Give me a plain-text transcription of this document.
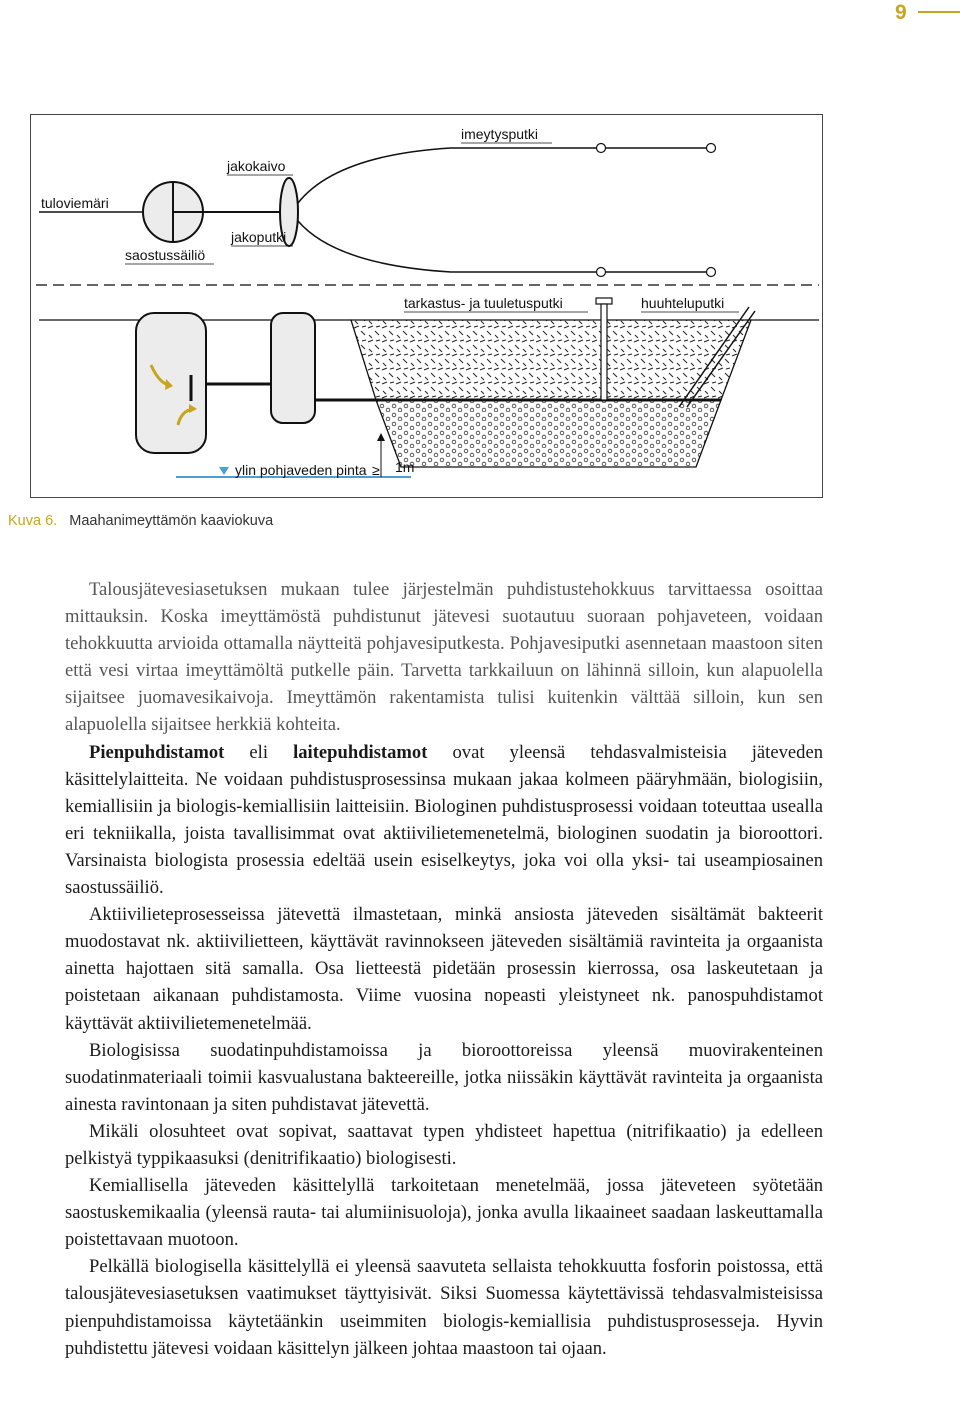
9
tuloviemäri
saostussäiliö
jakokaivo
jakoputki
imeytysputki
tarkastus- ja tuuletusputki	huuhteluputki
ylin pohjaveden pinta ≥ 1m
Kuva 6. Maahanimeyttämön kaaviokuva

Talousjätevesiasetuksen mukaan tulee järjestelmän puhdistustehokkuus tarvittaessa osoittaa mittauksin. Koska imeyttämöstä puhdistunut jätevesi suotautuu suoraan pohjaveteen, voidaan tehokkuutta arvioida ottamalla näytteitä pohjavesiputkesta. Pohjavesiputki asennetaan maastoon siten että vesi virtaa imeyttämöltä putkelle päin. Tarvetta tarkkailuun on lähinnä silloin, kun alapuolella sijaitsee juomavesikaivoja. Imeyttämön rakentamista tulisi kuitenkin välttää silloin, kun sen alapuolella sijaitsee herkkiä kohteita.

Pienpuhdistamot eli laitepuhdistamot ovat yleensä tehdasvalmisteisia jäteveden käsittelylaitteita. Ne voidaan puhdistusprosessinsa mukaan jakaa kolmeen pääryhmään, biologisiin, kemiallisiin ja biologis-kemiallisiin laitteisiin. Biologinen puhdistusprosessi voidaan toteuttaa usealla eri tekniikalla, joista tavallisimmat ovat aktiivilietemenetelmä, biologinen suodatin ja bioroottori. Varsinaista biologista prosessia edeltää usein esiselkeytys, joka voi olla yksi- tai useampiosainen saostussäiliö.

Aktiivilieteprosesseissa jätevettä ilmastetaan, minkä ansiosta jäteveden sisältämät bakteerit muodostavat nk. aktiivilietteen, käyttävät ravinnokseen jäteveden sisältämiä ravinteita ja orgaanista ainetta hajottaen sitä samalla. Osa lietteestä pidetään prosessin kierrossa, osa laskeutetaan ja poistetaan aikanaan puhdistamosta. Viime vuosina nopeasti yleistyneet nk. panospuhdistamot käyttävät aktiivilietemenetelmää.

Biologisissa suodatinpuhdistamoissa ja bioroottoreissa yleensä muovirakenteinen suodatinmateriaali toimii kasvualustana bakteereille, jotka niissäkin käyttävät ravinteita ja orgaanista ainesta ravintonaan ja siten puhdistavat jätevettä.

Mikäli olosuhteet ovat sopivat, saattavat typen yhdisteet hapettua (nitrifikaatio) ja edelleen pelkistyä typpikaasuksi (denitrifikaatio) biologisesti.

Kemiallisella jäteveden käsittelyllä tarkoitetaan menetelmää, jossa jäteveteen syötetään saostuskemikaalia (yleensä rauta- tai alumiinisuoloja), jonka avulla likaaineet saadaan laskeuttamalla poistettavaan muotoon.

Pelkällä biologisella käsittelyllä ei yleensä saavuteta sellaista tehokkuutta fosforin poistossa, että talousjätevesiasetuksen vaatimukset täyttyisivät. Siksi Suomessa käytettävissä tehdasvalmisteisissa pienpuhdistamoissa käytetäänkin useimmiten biologis-kemiallisia puhdistusprosesseja. Hyvin puhdistettu jätevesi voidaan käsittelyn jälkeen johtaa maastoon tai ojaan.
